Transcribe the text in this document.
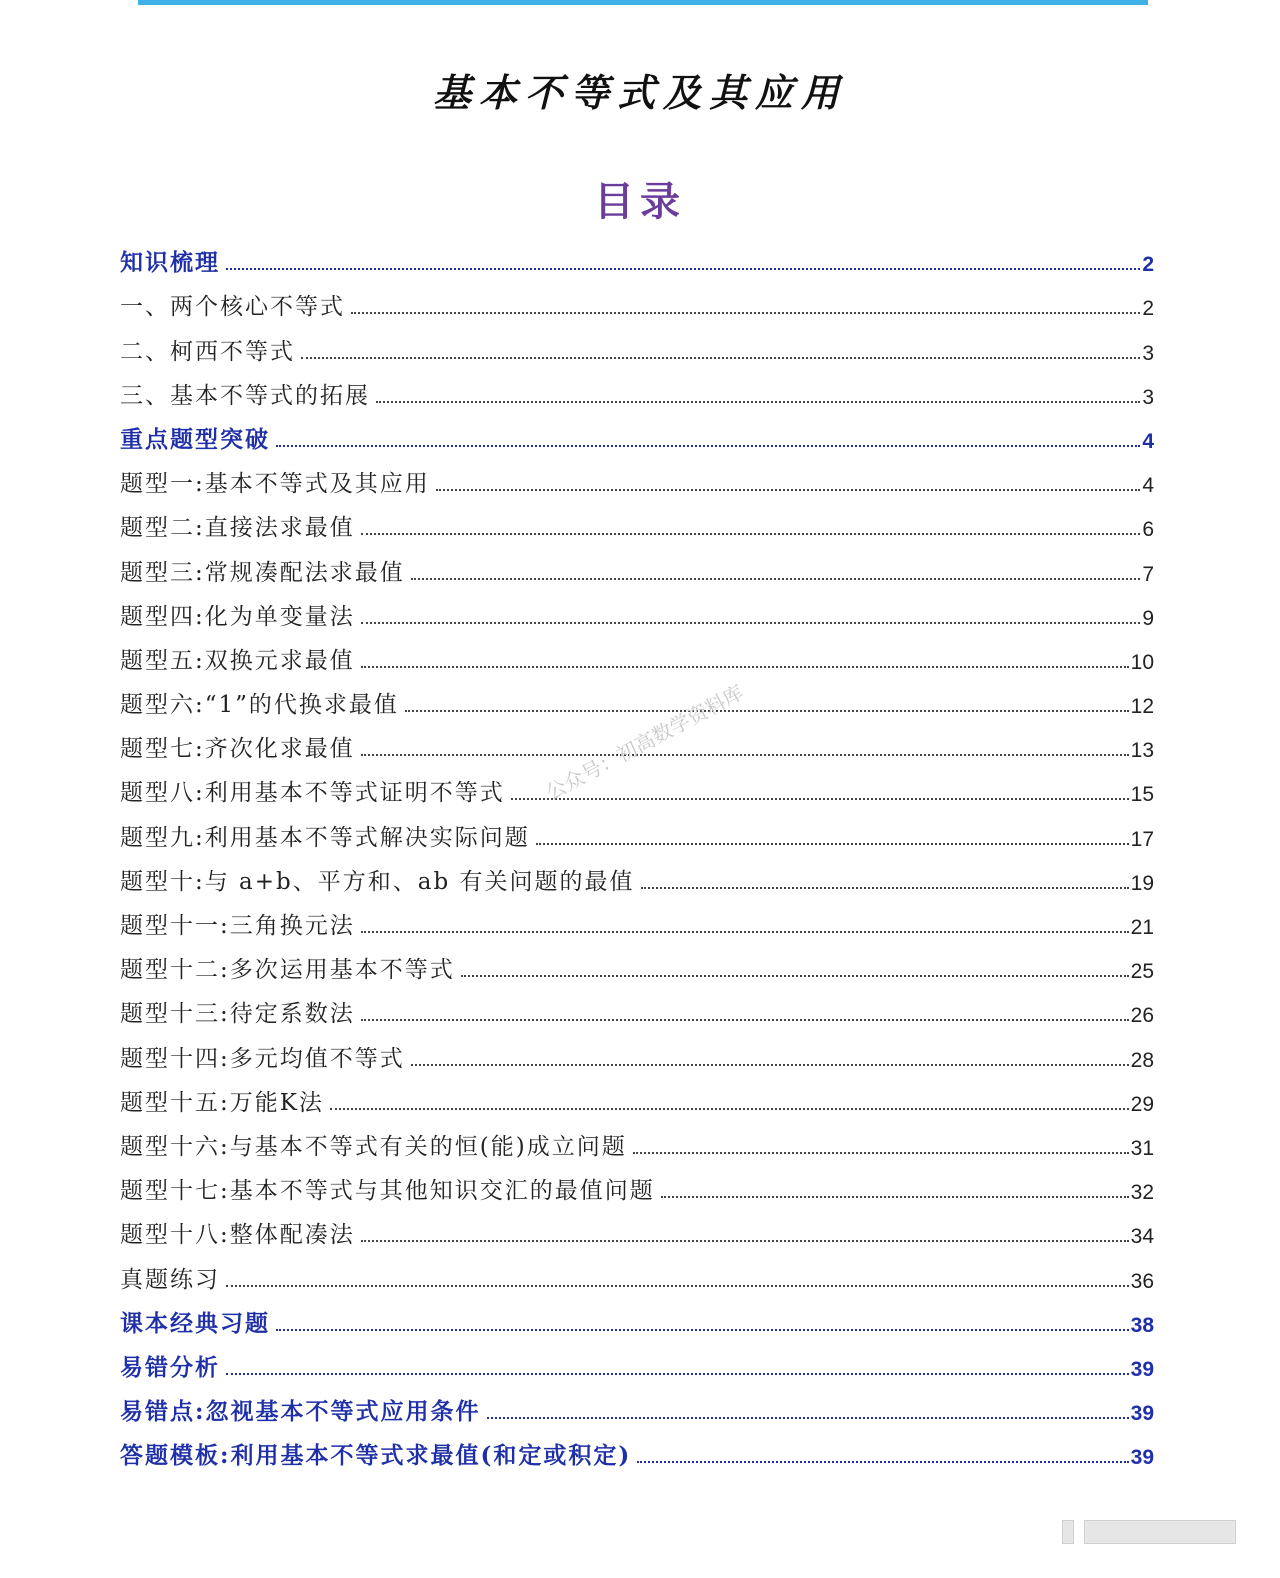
基本不等式及其应用
目录
知识梳理	2
一、两个核心不等式	2
二、柯西不等式	3
三、基本不等式的拓展	3
重点题型突破	4
题型一:基本不等式及其应用	4
题型二:直接法求最值	6
题型三:常规凑配法求最值	7
题型四:化为单变量法	9
题型五:双换元求最值	10
题型六:“1”的代换求最值	12
题型七:齐次化求最值	13
题型八:利用基本不等式证明不等式	15
题型九:利用基本不等式解决实际问题	17
题型十:与 a+b、平方和、ab 有关问题的最值	19
题型十一:三角换元法	21
题型十二:多次运用基本不等式	25
题型十三:待定系数法	26
题型十四:多元均值不等式	28
题型十五:万能K法	29
题型十六:与基本不等式有关的恒(能)成立问题	31
题型十七:基本不等式与其他知识交汇的最值问题	32
题型十八:整体配凑法	34
真题练习	36
课本经典习题	38
易错分析	39
易错点:忽视基本不等式应用条件	39
答题模板:利用基本不等式求最值(和定或积定)	39
公众号：初高数学资料库
